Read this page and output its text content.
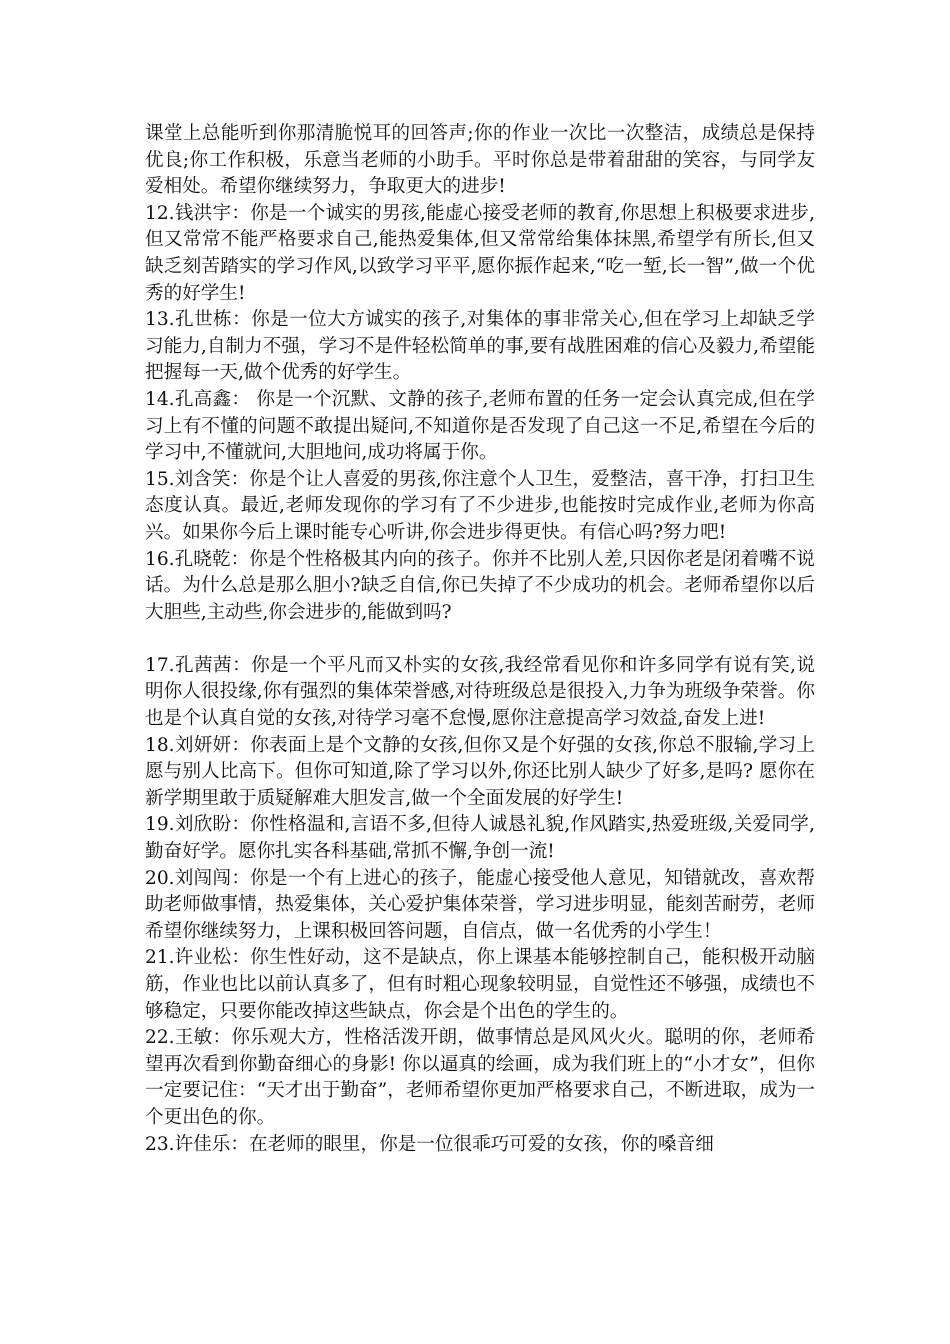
课堂上总能听到你那清脆悦耳的回答声;你的作业一次比一次整洁，成绩总是保持优良;你工作积极，乐意当老师的小助手。平时你总是带着甜甜的笑容，与同学友爱相处。希望你继续努力，争取更大的进步!

12.钱洪宇：你是一个诚实的男孩,能虚心接受老师的教育,你思想上积极要求进步,但又常常不能严格要求自己,能热爱集体,但又常常给集体抹黑,希望学有所长,但又缺乏刻苦踏实的学习作风,以致学习平平,愿你振作起来,“吃一堑,长一智”,做一个优秀的好学生!

13.孔世栋：你是一位大方诚实的孩子,对集体的事非常关心,但在学习上却缺乏学习能力,自制力不强，学习不是件轻松简单的事,要有战胜困难的信心及毅力,希望能把握每一天,做个优秀的好学生。

14.孔高鑫： 你是一个沉默、文静的孩子,老师布置的任务一定会认真完成,但在学习上有不懂的问题不敢提出疑问,不知道你是否发现了自己这一不足,希望在今后的学习中,不懂就问,大胆地问,成功将属于你。

15.刘含笑：你是个让人喜爱的男孩,你注意个人卫生，爱整洁，喜干净，打扫卫生态度认真。最近,老师发现你的学习有了不少进步,也能按时完成作业,老师为你高兴。如果你今后上课时能专心听讲,你会进步得更快。有信心吗?努力吧!

16.孔晓乾：你是个性格极其内向的孩子。你并不比别人差,只因你老是闭着嘴不说话。为什么总是那么胆小?缺乏自信,你已失掉了不少成功的机会。老师希望你以后大胆些,主动些,你会进步的,能做到吗?

17.孔茜茜：你是一个平凡而又朴实的女孩,我经常看见你和许多同学有说有笑,说明你人很投缘,你有强烈的集体荣誉感,对待班级总是很投入,力争为班级争荣誉。你也是个认真自觉的女孩,对待学习毫不怠慢,愿你注意提高学习效益,奋发上进!

18.刘妍妍：你表面上是个文静的女孩,但你又是个好强的女孩,你总不服输,学习上愿与别人比高下。但你可知道,除了学习以外,你还比别人缺少了好多,是吗? 愿你在新学期里敢于质疑解难大胆发言,做一个全面发展的好学生!

19.刘欣盼：你性格温和,言语不多,但待人诚恳礼貌,作风踏实,热爱班级,关爱同学,勤奋好学。愿你扎实各科基础,常抓不懈,争创一流!

20.刘闯闯：你是一个有上进心的孩子，能虚心接受他人意见，知错就改，喜欢帮助老师做事情，热爱集体，关心爱护集体荣誉，学习进步明显，能刻苦耐劳，老师希望你继续努力，上课积极回答问题，自信点，做一名优秀的小学生！

21.许业松：你生性好动，这不是缺点，你上课基本能够控制自己，能积极开动脑筋，作业也比以前认真多了，但有时粗心现象较明显，自觉性还不够强，成绩也不够稳定，只要你能改掉这些缺点，你会是个出色的学生的。

22.王敏：你乐观大方，性格活泼开朗，做事情总是风风火火。聪明的你，老师希望再次看到你勤奋细心的身影! 你以逼真的绘画，成为我们班上的“小才女”，但你一定要记住：“天才出于勤奋”，老师希望你更加严格要求自己，不断进取，成为一个更出色的你。

23.许佳乐：在老师的眼里，你是一位很乖巧可爱的女孩，你的嗓音细
